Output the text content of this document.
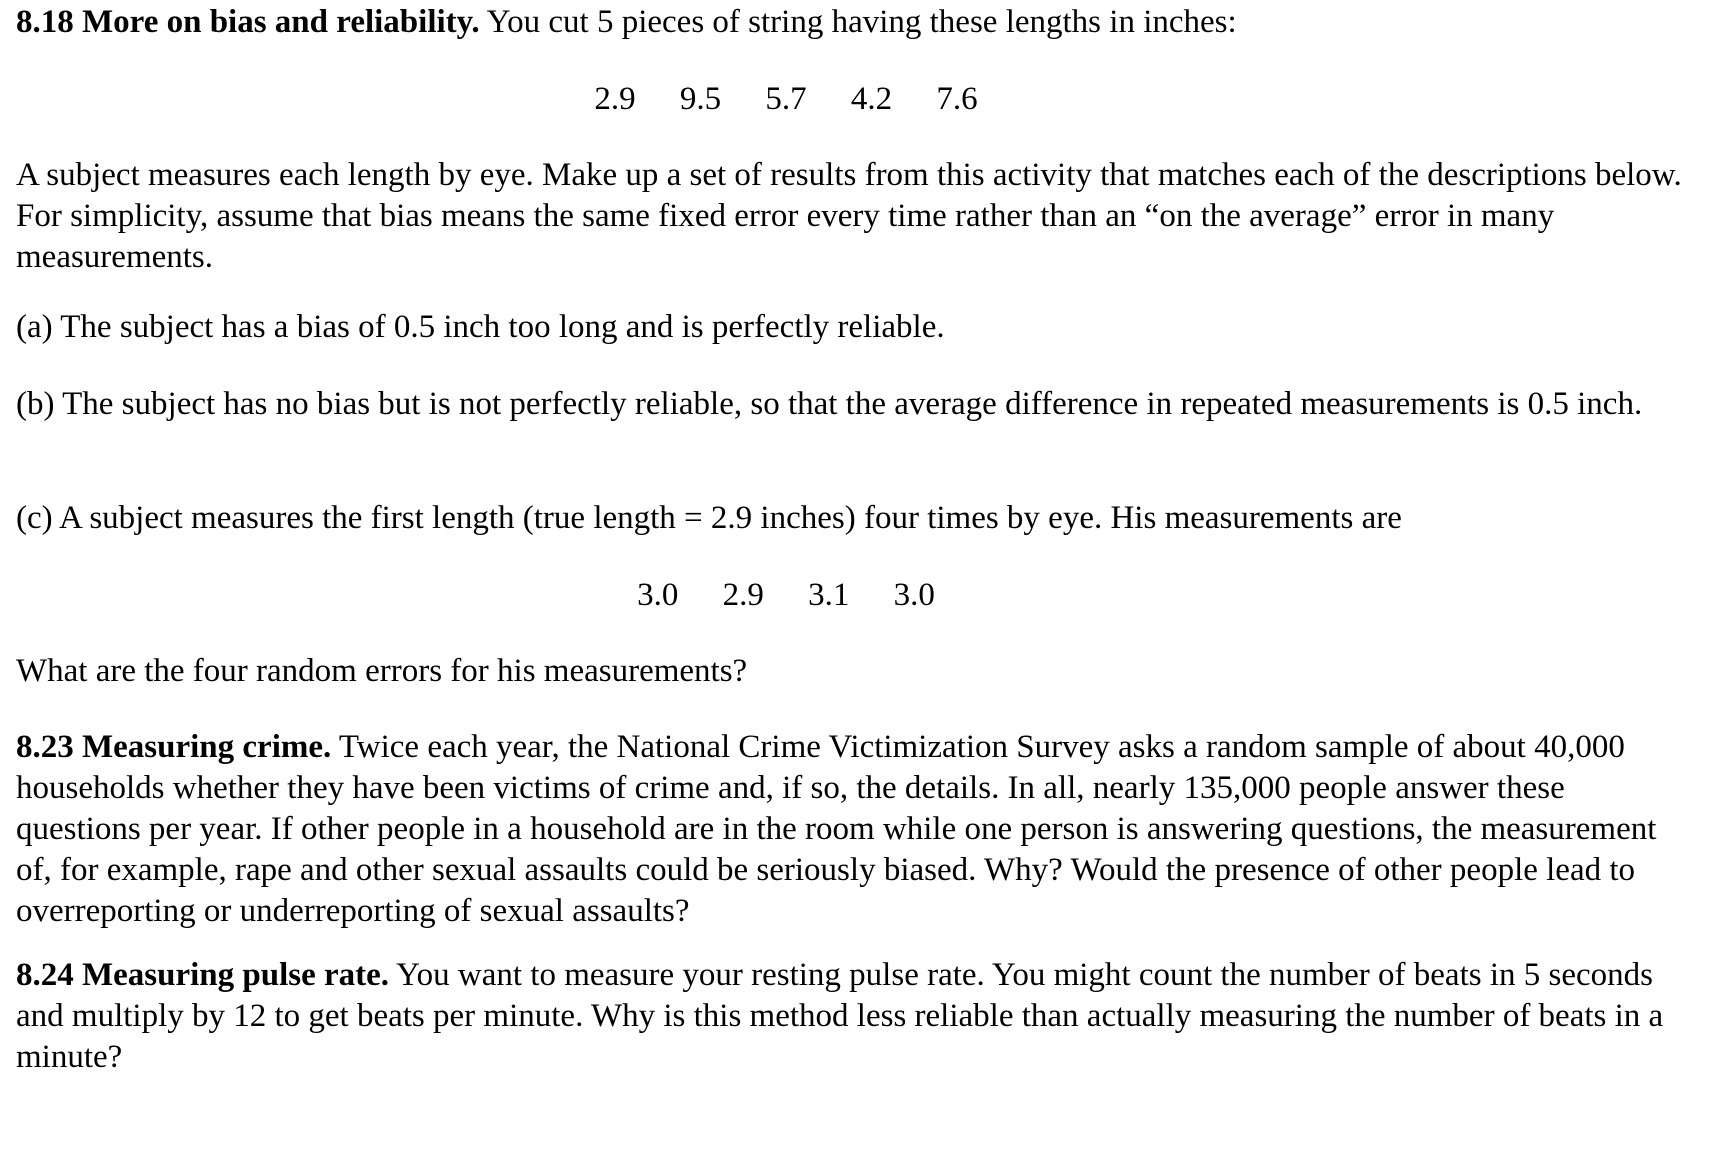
8.18 More on bias and reliability. You cut 5 pieces of string having these lengths in inches:

2.9 9.5 5.7 4.2 7.6

A subject measures each length by eye. Make up a set of results from this activity that matches each of the descriptions below. For simplicity, assume that bias means the same fixed error every time rather than an “on the average” error in many measurements.

(a) The subject has a bias of 0.5 inch too long and is perfectly reliable.

(b) The subject has no bias but is not perfectly reliable, so that the average difference in repeated measurements is 0.5 inch.

(c) A subject measures the first length (true length = 2.9 inches) four times by eye. His measurements are

3.0 2.9 3.1 3.0

What are the four random errors for his measurements?

8.23 Measuring crime. Twice each year, the National Crime Victimization Survey asks a random sample of about 40,000 households whether they have been victims of crime and, if so, the details. In all, nearly 135,000 people answer these questions per year. If other people in a household are in the room while one person is answering questions, the measurement of, for example, rape and other sexual assaults could be seriously biased. Why? Would the presence of other people lead to overreporting or underreporting of sexual assaults?

8.24 Measuring pulse rate. You want to measure your resting pulse rate. You might count the number of beats in 5 seconds and multiply by 12 to get beats per minute. Why is this method less reliable than actually measuring the number of beats in a minute?
